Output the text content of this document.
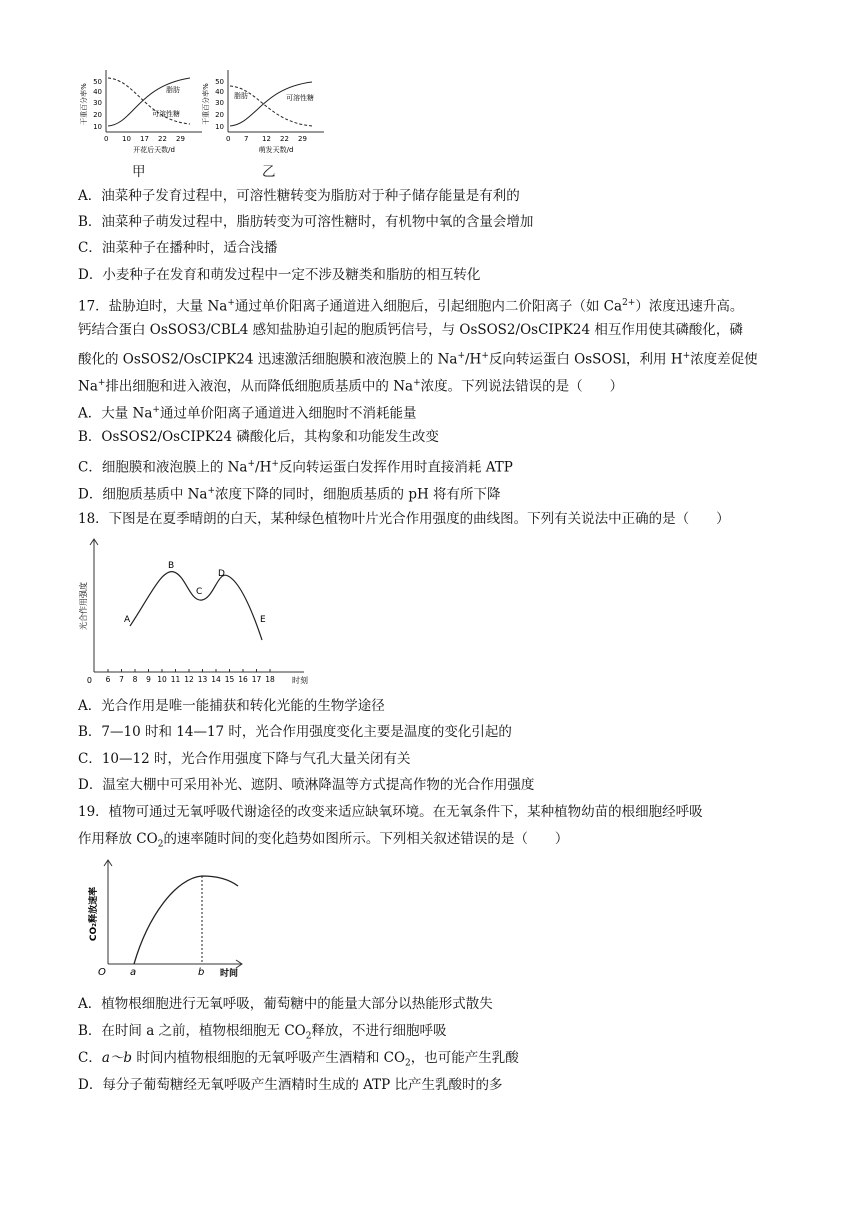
干重百分率%
50
40
30
20
10
0 10 17 22 29
开花后天数/d
脂肪
可溶性糖	干重百分率%
50
40
30
20
10
0 7 12 22 29
萌发天数/d
脂肪	可溶性糖
甲	乙
A．油菜种子发育过程中，可溶性糖转变为脂肪对于种子储存能量是有利的
B．油菜种子萌发过程中，脂肪转变为可溶性糖时，有机物中氧的含量会增加
C．油菜种子在播种时，适合浅播
D．小麦种子在发育和萌发过程中一定不涉及糖类和脂肪的相互转化
17．盐胁迫时，大量 Na+通过单价阳离子通道进入细胞后，引起细胞内二价阳离子（如 $Ca^{2+}$）浓度迅速升高。
钙结合蛋白 OsSOS3/CBL4 感知盐胁迫引起的胞质钙信号，与 OsSOS2/OsCIPK24 相互作用使其磷酸化，磷
酸化的 OsSOS2/OsCIPK24 迅速激活细胞膜和液泡膜上的 Na+/H+反向转运蛋白 OsSOSl，利用 H+浓度差促使
Na+排出细胞和进入液泡，从而降低细胞质基质中的 Na+浓度。下列说法错误的是（　　）
A．大量 Na+通过单价阳离子通道进入细胞时不消耗能量
B．OsSOS2/OsCIPK24 磷酸化后，其构象和功能发生改变
C．细胞膜和液泡膜上的 Na+/H+反向转运蛋白发挥作用时直接消耗 ATP
D．细胞质基质中 Na+浓度下降的同时，细胞质基质的 pH 将有所下降
18．下图是在夏季晴朗的白天，某种绿色植物叶片光合作用强度的曲线图。下列有关说法中正确的是（　　）
光合作用强度
0 6 7 8 9 10 11 12 13 14 15 16 17 18 时刻
A
B
C
D
E
A．光合作用是唯一能捕获和转化光能的生物学途径
B．7—10 时和 14—17 时，光合作用强度变化主要是温度的变化引起的
C．10—12 时，光合作用强度下降与气孔大量关闭有关
D．温室大棚中可采用补光、遮阴、喷淋降温等方式提高作物的光合作用强度
19．植物可通过无氧呼吸代谢途径的改变来适应缺氧环境。在无氧条件下，某种植物幼苗的根细胞经呼吸
作用释放 $CO_2$的速率随时间的变化趋势如图所示。下列相关叙述错误的是（　　）
CO₂释放速率
O a	b 时间
A．植物根细胞进行无氧呼吸，葡萄糖中的能量大部分以热能形式散失
B．在时间 a 之前，植物根细胞无 $CO_2$释放，不进行细胞呼吸
C．a～b 时间内植物根细胞的无氧呼吸产生酒精和 $CO_2$，也可能产生乳酸
D．每分子葡萄糖经无氧呼吸产生酒精时生成的 ATP 比产生乳酸时的多
